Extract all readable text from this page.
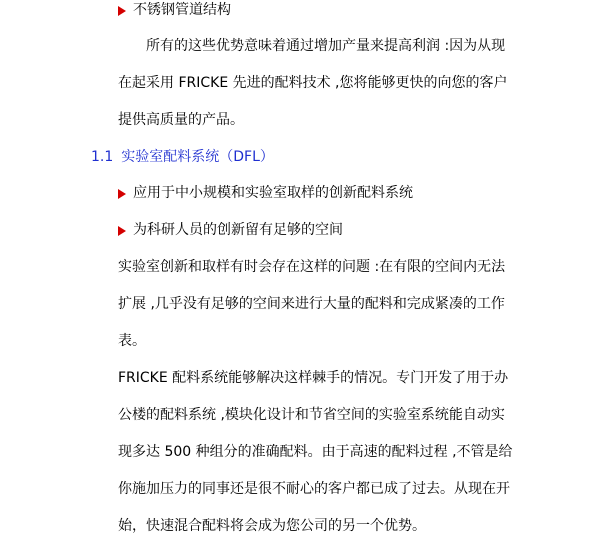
不锈钢管道结构
所有的这些优势意味着通过增加产量来提高利润 :因为从现
在起采用 FRICKE 先进的配料技术 ,您将能够更快的向您的客户
提供高质量的产品。
1.1 实验室配料系统（DFL）
应用于中小规模和实验室取样的创新配料系统
为科研人员的创新留有足够的空间
实验室创新和取样有时会存在这样的问题 :在有限的空间内无法
扩展 ,几乎没有足够的空间来进行大量的配料和完成紧凑的工作
表。
FRICKE 配料系统能够解决这样棘手的情况。专门开发了用于办
公楼的配料系统 ,模块化设计和节省空间的实验室系统能自动实
现多达 500 种组分的准确配料。由于高速的配料过程 ,不管是给
你施加压力的同事还是很不耐心的客户都已成了过去。从现在开
始，快速混合配料将会成为您公司的另一个优势。
